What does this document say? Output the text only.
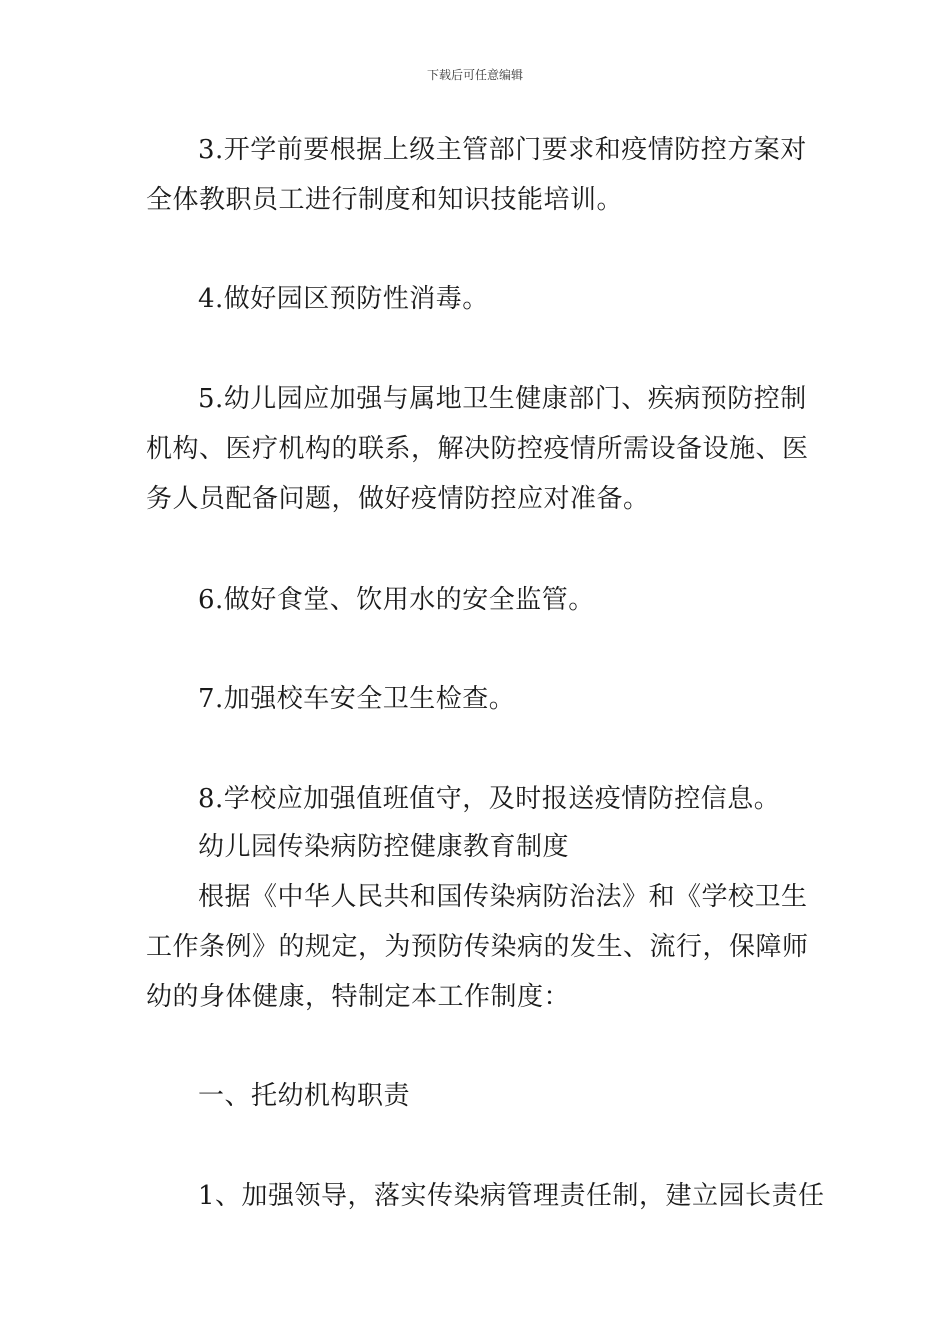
下载后可任意编辑
3.开学前要根据上级主管部门要求和疫情防控方案对
全体教职员工进行制度和知识技能培训。
4.做好园区预防性消毒。
5.幼儿园应加强与属地卫生健康部门、疾病预防控制
机构、医疗机构的联系，解决防控疫情所需设备设施、医
务人员配备问题，做好疫情防控应对准备。
6.做好食堂、饮用水的安全监管。
7.加强校车安全卫生检查。
8.学校应加强值班值守，及时报送疫情防控信息。
幼儿园传染病防控健康教育制度
根据《中华人民共和国传染病防治法》和《学校卫生
工作条例》的规定，为预防传染病的发生、流行，保障师
幼的身体健康，特制定本工作制度：
一、托幼机构职责
1、加强领导，落实传染病管理责任制，建立园长责任
